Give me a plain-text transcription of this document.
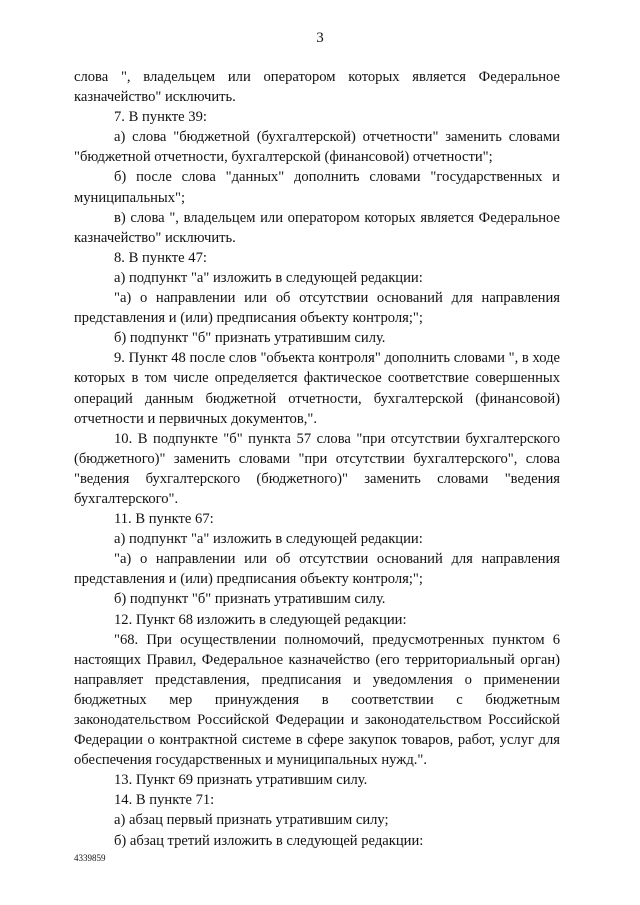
3

слова ", владельцем или оператором которых является Федеральное казначейство" исключить.

7. В пункте 39:

а) слова "бюджетной (бухгалтерской) отчетности" заменить словами "бюджетной отчетности, бухгалтерской (финансовой) отчетности";

б) после слова "данных" дополнить словами "государственных и муниципальных";

в) слова ", владельцем или оператором которых является Федеральное казначейство" исключить.

8. В пункте 47:

а) подпункт "а" изложить в следующей редакции:

"а) о направлении или об отсутствии оснований для направления представления и (или) предписания объекту контроля;";

б) подпункт "б" признать утратившим силу.

9. Пункт 48 после слов "объекта контроля" дополнить словами ", в ходе которых в том числе определяется фактическое соответствие совершенных операций данным бюджетной отчетности, бухгалтерской (финансовой) отчетности и первичных документов,".

10. В подпункте "б" пункта 57 слова "при отсутствии бухгалтерского (бюджетного)" заменить словами "при отсутствии бухгалтерского", слова "ведения бухгалтерского (бюджетного)" заменить словами "ведения бухгалтерского".

11. В пункте 67:

а) подпункт "а" изложить в следующей редакции:

"а) о направлении или об отсутствии оснований для направления представления и (или) предписания объекту контроля;";

б) подпункт "б" признать утратившим силу.

12. Пункт 68 изложить в следующей редакции:

"68. При осуществлении полномочий, предусмотренных пунктом 6 настоящих Правил, Федеральное казначейство (его территориальный орган) направляет представления, предписания и уведомления о применении бюджетных мер принуждения в соответствии с бюджетным законодательством Российской Федерации и законодательством Российской Федерации о контрактной системе в сфере закупок товаров, работ, услуг для обеспечения государственных и муниципальных нужд.".

13. Пункт 69 признать утратившим силу.

14. В пункте 71:

а) абзац первый признать утратившим силу;

б) абзац третий изложить в следующей редакции:

4339859
